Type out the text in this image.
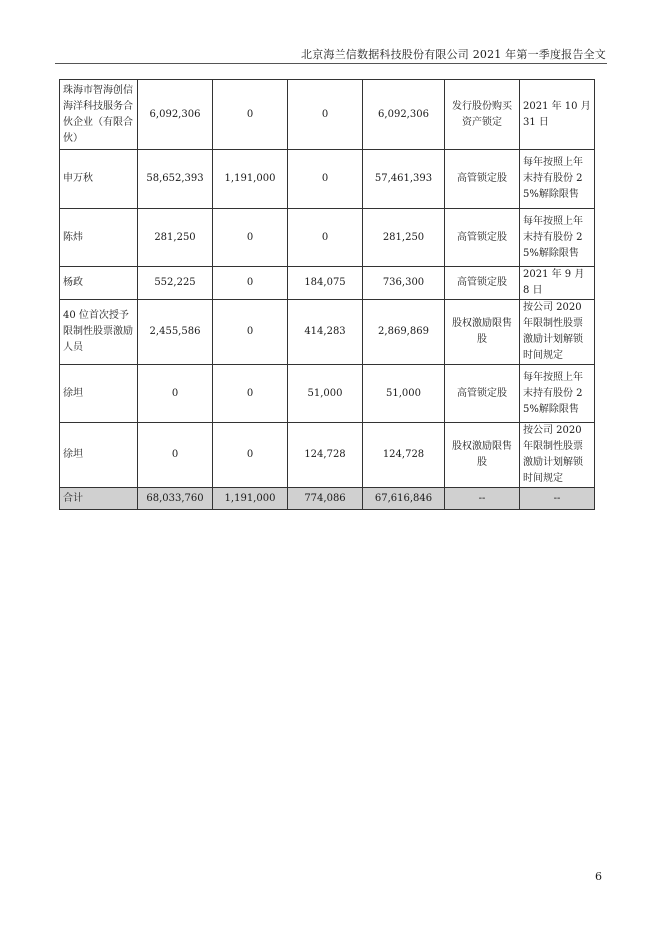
北京海兰信数据科技股份有限公司 2021 年第一季度报告全文
珠海市智海创信海洋科技服务合伙企业（有限合伙）	6,092,306	0	0	6,092,306	发行股份购买资产锁定	2021 年 10 月 31 日
申万秋	58,652,393	1,191,000	0	57,461,393	高管锁定股	每年按照上年末持有股份 25%解除限售
陈炜	281,250	0	0	281,250	高管锁定股	每年按照上年末持有股份 25%解除限售
杨政	552,225	0	184,075	736,300	高管锁定股	2021 年 9 月 8 日
40 位首次授予限制性股票激励人员	2,455,586	0	414,283	2,869,869	股权激励限售股	按公司 2020 年限制性股票激励计划解锁时间规定
徐坦	0	0	51,000	51,000	高管锁定股	每年按照上年末持有股份 25%解除限售
徐坦	0	0	124,728	124,728	股权激励限售股	按公司 2020 年限制性股票激励计划解锁时间规定
合计	68,033,760	1,191,000	774,086	67,616,846	--	--
6
